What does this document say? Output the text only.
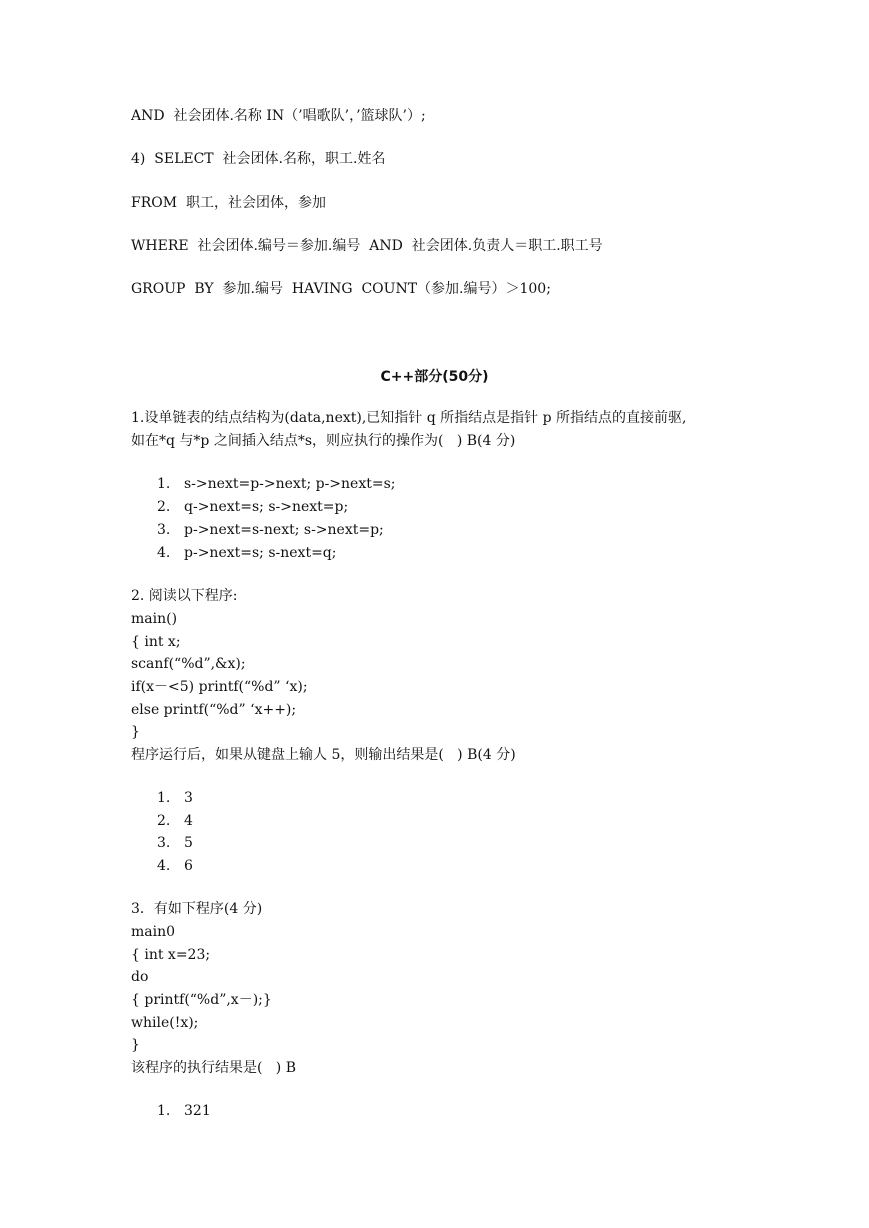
AND  社会团体.名称 IN（’唱歌队’，’篮球队’）;
4)  SELECT  社会团体.名称，职工.姓名
FROM  职工，社会团体，参加
WHERE  社会团体.编号＝参加.编号  AND  社会团体.负责人＝职工.职工号
GROUP  BY  参加.编号  HAVING  COUNT（参加.编号）＞100;
C++部分(50分)
1.设单链表的结点结构为(data,next),已知指针 q 所指结点是指针 p 所指结点的直接前驱,
如在*q 与*p 之间插入结点*s，则应执行的操作为(   ) B(4 分)
1. s->next=p->next; p->next=s;
2. q->next=s; s->next=p;
3. p->next=s-next; s->next=p;
4. p->next=s; s-next=q;
2. 阅读以下程序:
main()
{ int x;
scanf(“%d”,&x);
if(x－<5) printf(“%d” ‘x);
else printf(“%d” ‘x++);
}
程序运行后，如果从键盘上输人 5，则输出结果是(   ) B(4 分)
1. 3
2. 4
3. 5
4. 6
3．有如下程序(4 分)
main0
{ int x=23;
do
{ printf(“%d”,x－);}
while(!x);
}
该程序的执行结果是(   ) B
1. 321
